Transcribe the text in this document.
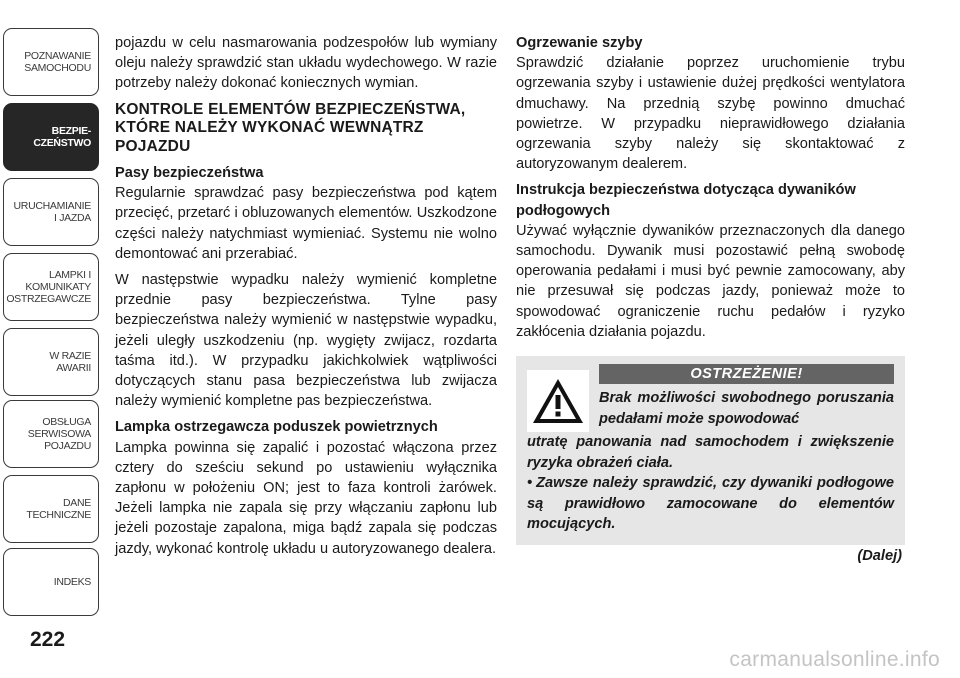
POZNAWANIE
SAMOCHODU
BEZPIE-
CZEŃSTWO
URUCHAMIANIE
I JAZDA
LAMPKI I
KOMUNIKATY
OSTRZEGAWCZE
W RAZIE
AWARII
OBSŁUGA
SERWISOWA
POJAZDU
DANE
TECHNICZNE
INDEKS
222

pojazdu w celu nasmarowania podzespołów lub wymiany oleju należy sprawdzić stan układu wydechowego. W razie potrzeby należy dokonać koniecznych wymian.

KONTROLE ELEMENTÓW BEZPIECZEŃSTWA, KTÓRE NALEŻY WYKONAĆ WEWNĄTRZ POJAZDU
Pasy bezpieczeństwa

Regularnie sprawdzać pasy bezpieczeństwa pod kątem przecięć, przetarć i obluzowanych elementów. Uszkodzone części należy natychmiast wymieniać. Systemu nie wolno demontować ani przerabiać.

W następstwie wypadku należy wymienić kompletne przednie pasy bezpieczeństwa. Tylne pasy bezpieczeństwa należy wymienić w następstwie wypadku, jeżeli uległy uszkodzeniu (np. wygięty zwijacz, rozdarta taśma itd.). W przypadku jakichkolwiek wątpliwości dotyczących stanu pasa bezpieczeństwa lub zwijacza należy wymienić kompletne pas bezpieczeństwa.

Lampka ostrzegawcza poduszek powietrznych

Lampka powinna się zapalić i pozostać włączona przez cztery do sześciu sekund po ustawieniu wyłącznika zapłonu w położeniu ON; jest to faza kontroli żarówek. Jeżeli lampka nie zapala się przy włączaniu zapłonu lub jeżeli pozostaje zapalona, miga bądź zapala się podczas jazdy, wykonać kontrolę układu u autoryzowanego dealera.

Ogrzewanie szyby

Sprawdzić działanie poprzez uruchomienie trybu ogrzewania szyby i ustawienie dużej prędkości wentylatora dmuchawy. Na przednią szybę powinno dmuchać powietrze. W przypadku nieprawidłowego działania ogrzewania szyby należy się skontaktować z autoryzowanym dealerem.

Instrukcja bezpieczeństwa dotycząca dywaników podłogowych

Używać wyłącznie dywaników przeznaczonych dla danego samochodu. Dywanik musi pozostawić pełną swobodę operowania pedałami i musi być pewnie zamocowany, aby nie przesuwał się podczas jazdy, ponieważ może to spowodować ograniczenie ruchu pedałów i ryzyko zakłócenia działania pojazdu.

OSTRZEŻENIE!

Brak możliwości swobodnego poruszania pedałami może spowodować

utratę panowania nad samochodem i zwiększenie ryzyka obrażeń ciała.

• Zawsze należy sprawdzić, czy dywaniki podłogowe są prawidłowo zamocowane do elementów mocujących.

(Dalej)
carmanualsonline.info
